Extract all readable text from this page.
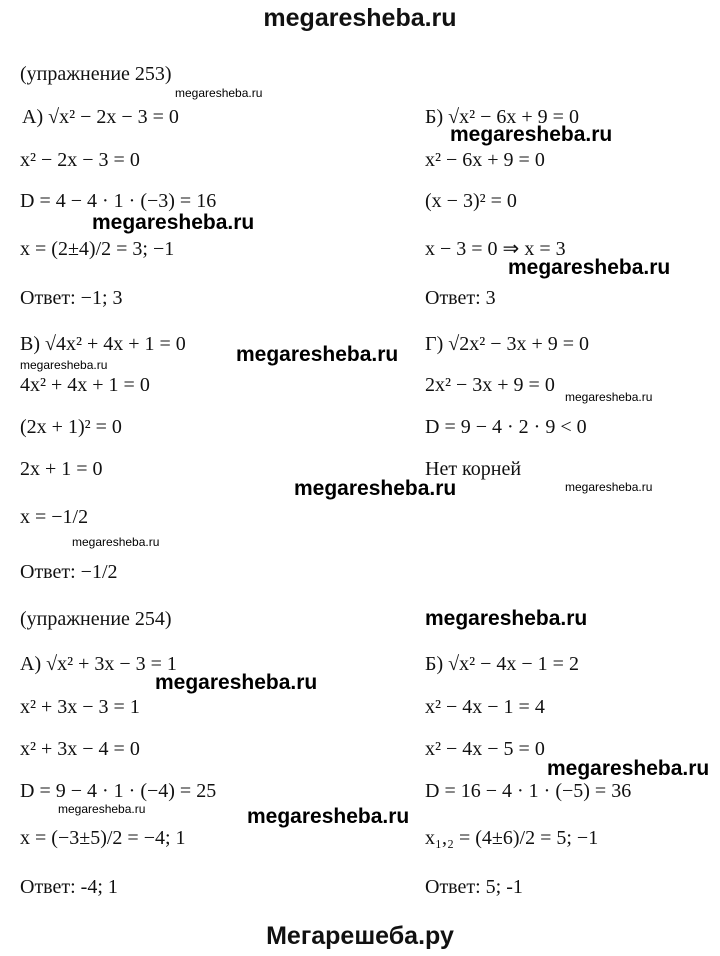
megaresheba.ru
(упражнение 253)
А) √x² − 2x − 3 = 0
x² − 2x − 3 = 0
D = 4 − 4 · 1 · (−3) = 16
x = (2±4)/2 = 3; −1
Ответ: −1; 3
Б) √x² − 6x + 9 = 0
x² − 6x + 9 = 0
(x − 3)² = 0
x − 3 = 0 ⇒ x = 3
Ответ: 3
В) √4x² + 4x + 1 = 0
4x² + 4x + 1 = 0
(2x + 1)² = 0
2x + 1 = 0
x = −1/2
Ответ: −1/2
Г) √2x² − 3x + 9 = 0
2x² − 3x + 9 = 0
D = 9 − 4 · 2 · 9 < 0
Нет корней
(упражнение 254)
А) √x² + 3x − 3 = 1
x² + 3x − 3 = 1
x² + 3x − 4 = 0
D = 9 − 4 · 1 · (−4) = 25
x = (−3±5)/2 = −4; 1
Ответ: -4; 1
Б) √x² − 4x − 1 = 2
x² − 4x − 1 = 4
x² − 4x − 5 = 0
D = 16 − 4 · 1 · (−5) = 36
x₁,₂ = (4±6)/2 = 5; −1
Ответ: 5; -1
megaresheba.ru
megaresheba.ru
megaresheba.ru
megaresheba.ru
megaresheba.ru
megaresheba.ru
megaresheba.ru
megaresheba.ru	megaresheba.ru
megaresheba.ru
megaresheba.ru
megaresheba.ru
megaresheba.ru
megaresheba.ru	megaresheba.ru
Мегарешеба.ру
